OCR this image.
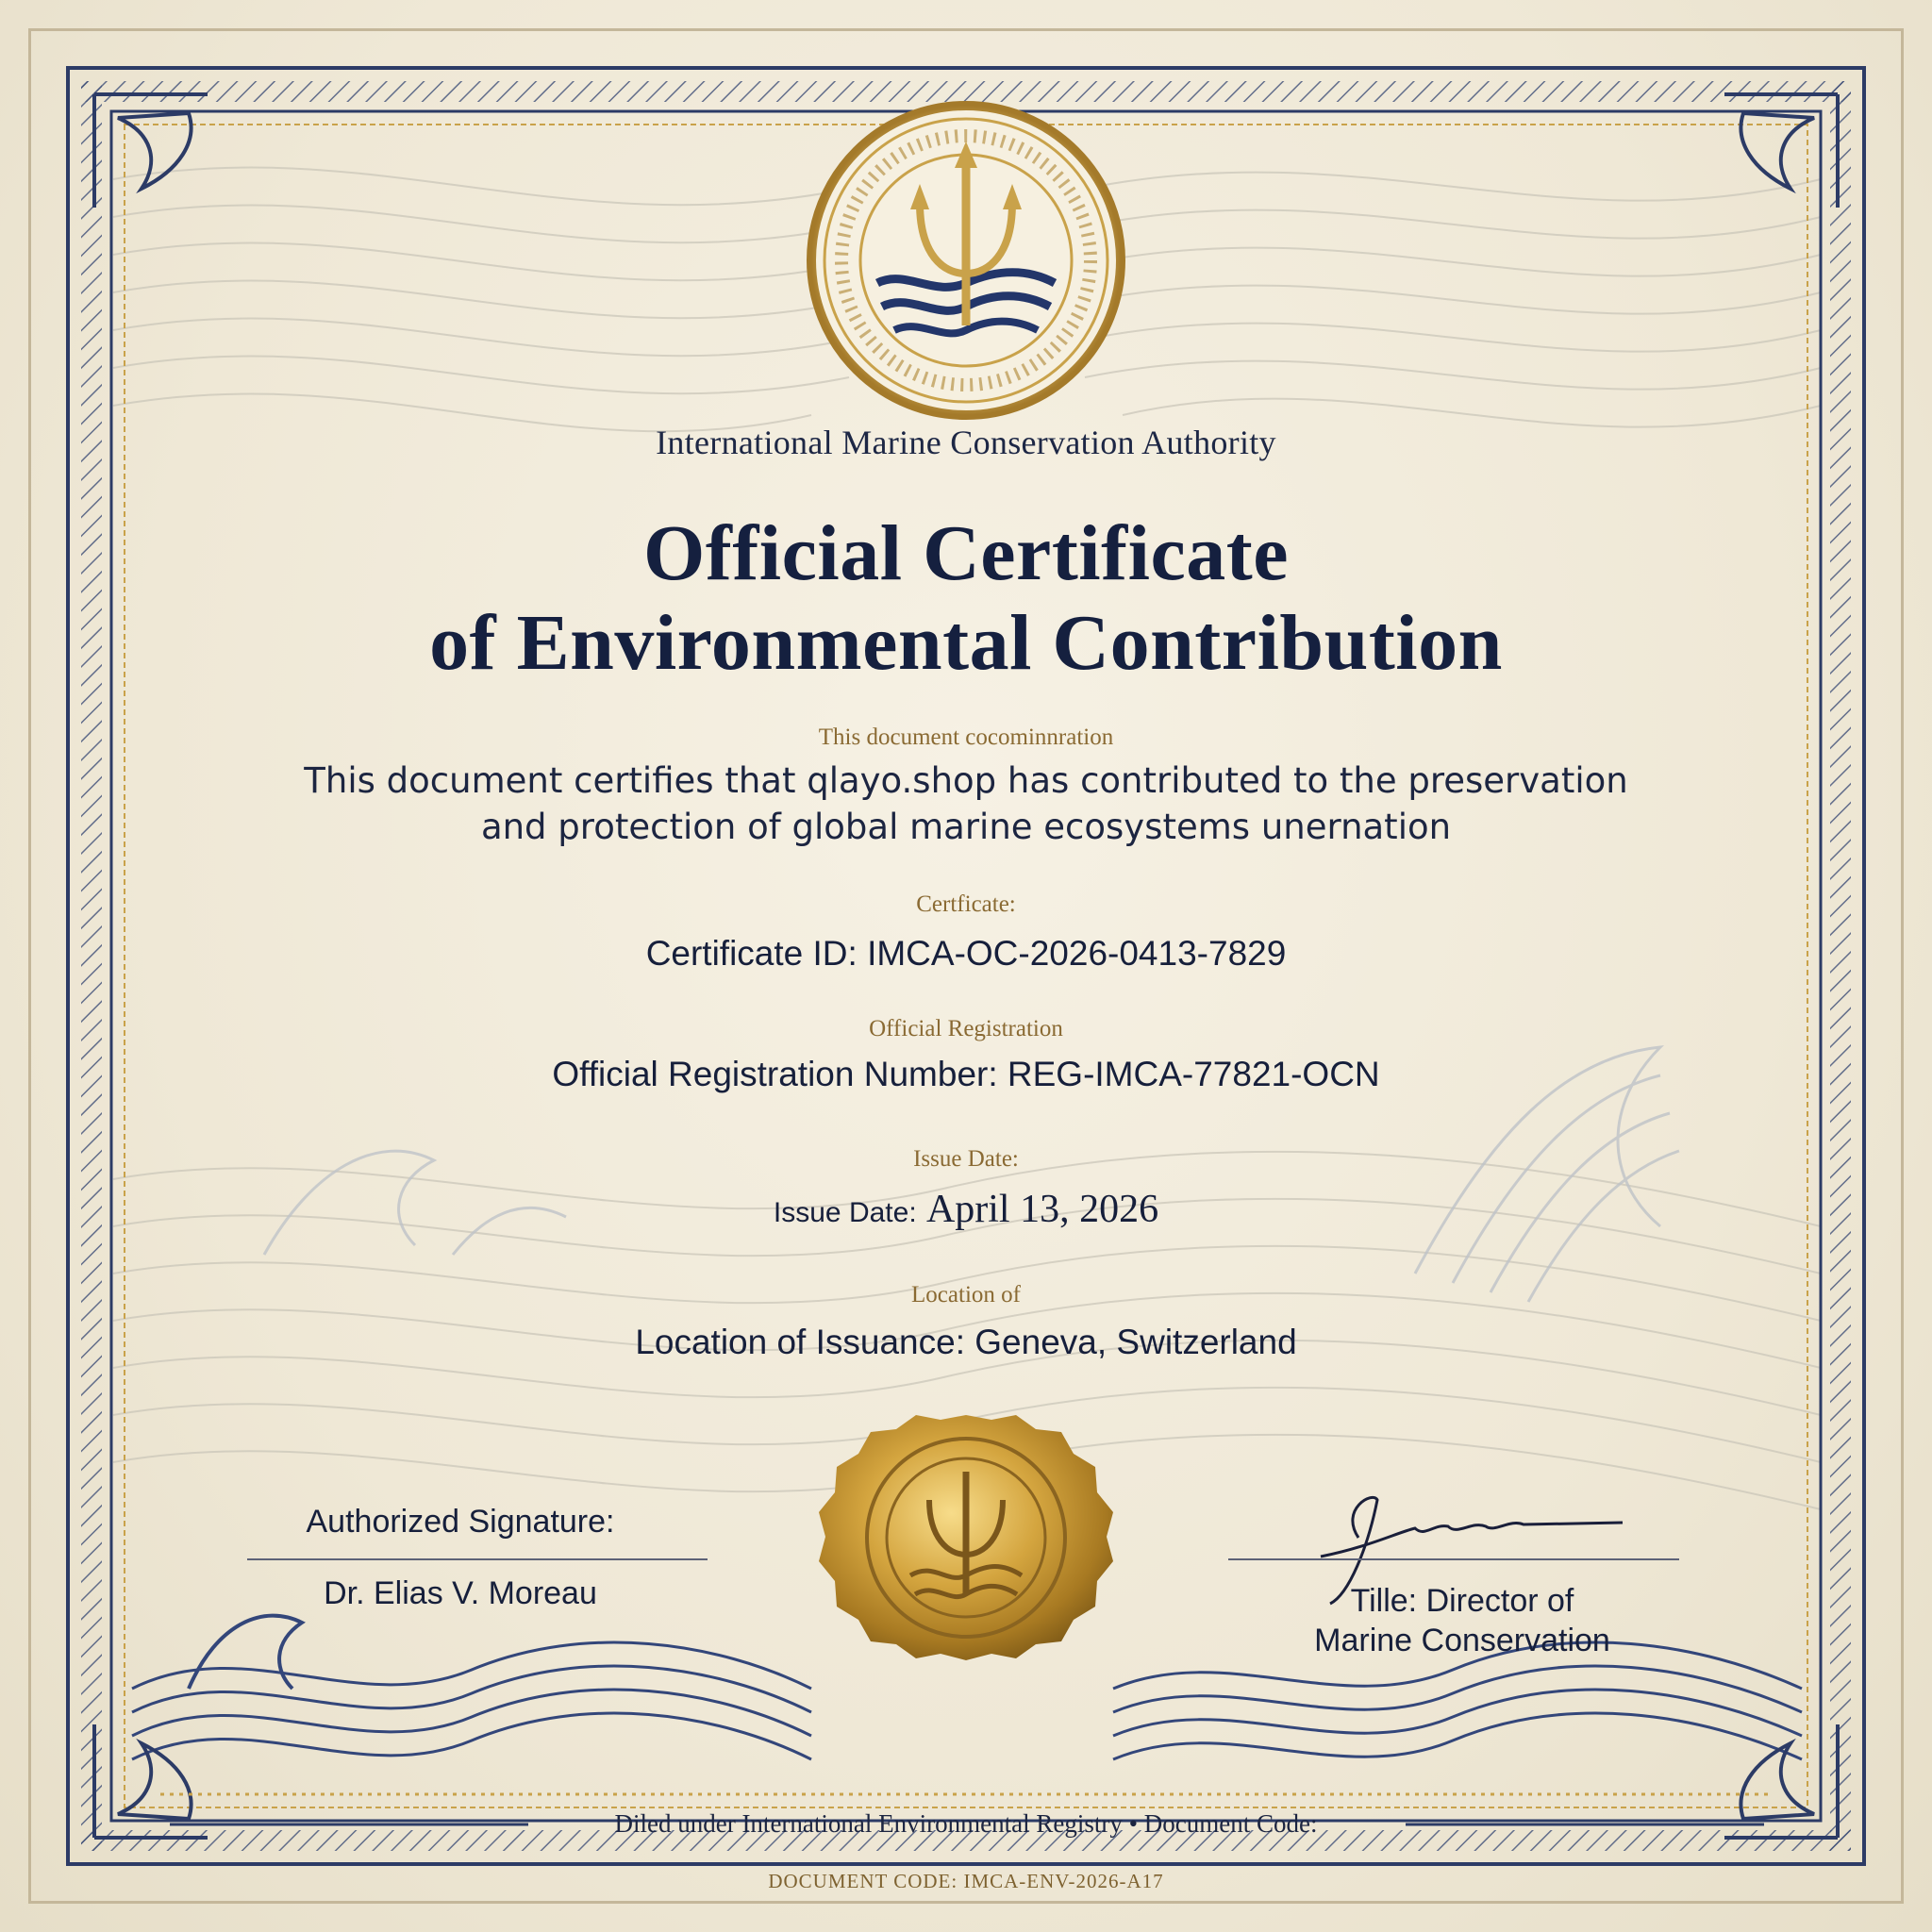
International Marine Conservation Authority
Official Certificate
of Environmental Contribution
This document cocominnration
This document certifies that qlayo.shop has contributed to the preservation
and protection of global marine ecosystems unernation
Certficate:
Certificate ID: IMCA-OC-2026-0413-7829
Official Registration
Official Registration Number: REG-IMCA-77821-OCN
Issue Date:
Issue Date: April 13, 2026
Location of
Location of Issuance: Geneva, Switzerland
Authorized Signature:
Dr. Elias V. Moreau	Tille: Director of
Marine Conservation
Diled under International Environmental Registry • Document Code:
DOCUMENT CODE: IMCA-ENV-2026-A17
